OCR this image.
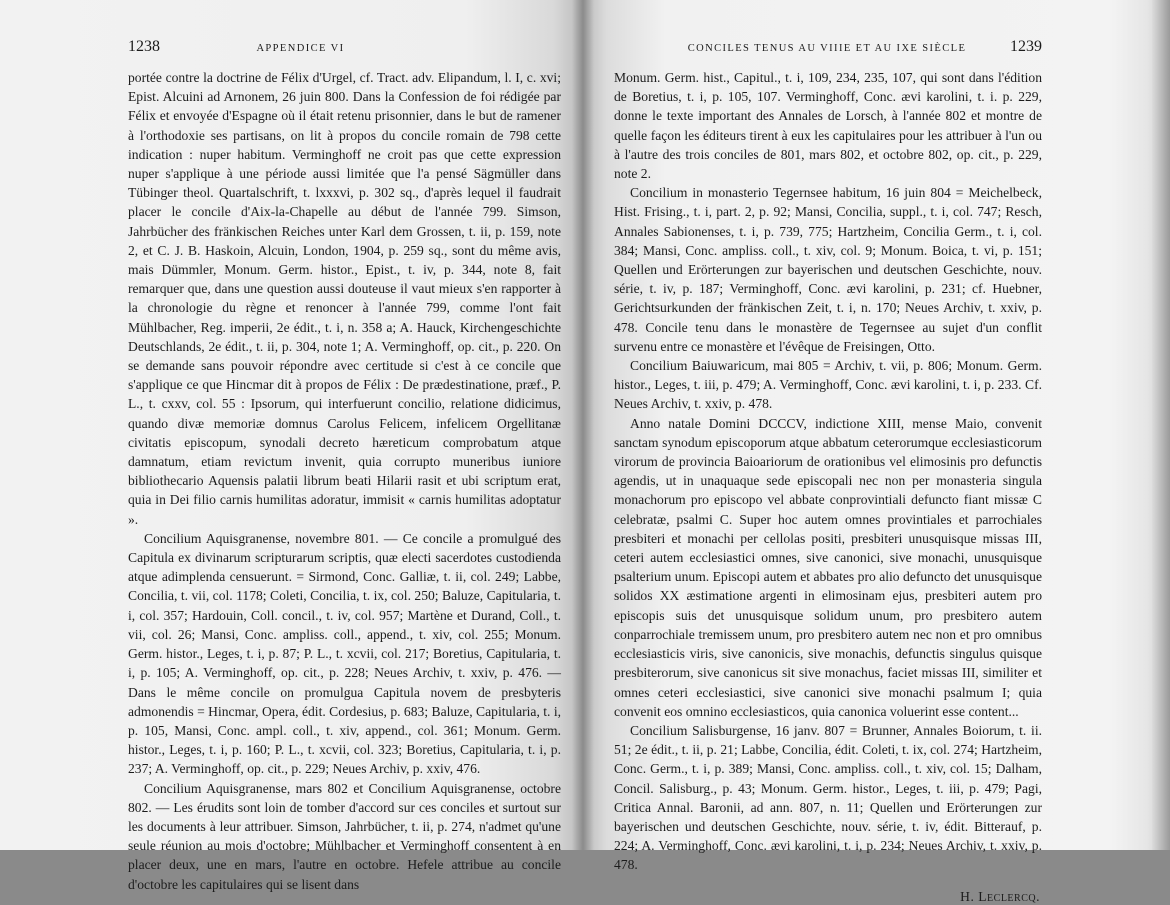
1238	APPENDICE VI

portée contre la doctrine de Félix d'Urgel, cf. Tract. adv. Elipandum, l. I, c. xvi; Epist. Alcuini ad Arnonem, 26 juin 800. Dans la Confession de foi rédigée par Félix et envoyée d'Espagne où il était retenu prisonnier, dans le but de ramener à l'orthodoxie ses partisans, on lit à propos du concile romain de 798 cette indication : nuper habitum. Verminghoff ne croit pas que cette expression nuper s'applique à une période aussi limitée que l'a pensé Sägmüller dans Tübinger theol. Quartalschrift, t. lxxxvi, p. 302 sq., d'après lequel il faudrait placer le concile d'Aix-la-Chapelle au début de l'année 799. Simson, Jahrbücher des fränkischen Reiches unter Karl dem Grossen, t. ii, p. 159, note 2, et C. J. B. Haskoin, Alcuin, London, 1904, p. 259 sq., sont du même avis, mais Dümmler, Monum. Germ. histor., Epist., t. iv, p. 344, note 8, fait remarquer que, dans une question aussi douteuse il vaut mieux s'en rapporter à la chronologie du règne et renoncer à l'année 799, comme l'ont fait Mühlbacher, Reg. imperii, 2e édit., t. i, n. 358 a; A. Hauck, Kirchengeschichte Deutschlands, 2e édit., t. ii, p. 304, note 1; A. Verminghoff, op. cit., p. 220. On se demande sans pouvoir répondre avec certitude si c'est à ce concile que s'applique ce que Hincmar dit à propos de Félix : De prædestinatione, præf., P. L., t. cxxv, col. 55 : Ipsorum, qui interfuerunt concilio, relatione didicimus, quando divæ memoriæ domnus Carolus Felicem, infelicem Orgellitanæ civitatis episcopum, synodali decreto hæreticum comprobatum atque damnatum, etiam revictum invenit, quia corrupto muneribus iuniore bibliothecario Aquensis palatii librum beati Hilarii rasit et ubi scriptum erat, quia in Dei filio carnis humilitas adoratur, immisit « carnis humilitas adoptatur ».

Concilium Aquisgranense, novembre 801. — Ce concile a promulgué des Capitula ex divinarum scripturarum scriptis, quæ electi sacerdotes custodienda atque adimplenda censuerunt. = Sirmond, Conc. Galliæ, t. ii, col. 249; Labbe, Concilia, t. vii, col. 1178; Coleti, Concilia, t. ix, col. 250; Baluze, Capitularia, t. i, col. 357; Hardouin, Coll. concil., t. iv, col. 957; Martène et Durand, Coll., t. vii, col. 26; Mansi, Conc. ampliss. coll., append., t. xiv, col. 255; Monum. Germ. histor., Leges, t. i, p. 87; P. L., t. xcvii, col. 217; Boretius, Capitularia, t. i, p. 105; A. Verminghoff, op. cit., p. 228; Neues Archiv, t. xxiv, p. 476. — Dans le même concile on promulgua Capitula novem de presbyteris admonendis = Hincmar, Opera, édit. Cordesius, p. 683; Baluze, Capitularia, t. i, p. 105, Mansi, Conc. ampl. coll., t. xiv, append., col. 361; Monum. Germ. histor., Leges, t. i, p. 160; P. L., t. xcvii, col. 323; Boretius, Capitularia, t. i, p. 237; A. Verminghoff, op. cit., p. 229; Neues Archiv, p. xxiv, 476.

Concilium Aquisgranense, mars 802 et Concilium Aquisgranense, octobre 802. — Les érudits sont loin de tomber d'accord sur ces conciles et surtout sur les documents à leur attribuer. Simson, Jahrbücher, t. ii, p. 274, n'admet qu'une seule réunion au mois d'octobre; Mühlbacher et Verminghoff consentent à en placer deux, une en mars, l'autre en octobre. Hefele attribue au concile d'octobre les capitulaires qui se lisent dans

CONCILES TENUS AU VIIIE ET AU IXE SIÈCLE	1239

Monum. Germ. hist., Capitul., t. i, 109, 234, 235, 107, qui sont dans l'édition de Boretius, t. i, p. 105, 107. Verminghoff, Conc. ævi karolini, t. i. p. 229, donne le texte important des Annales de Lorsch, à l'année 802 et montre de quelle façon les éditeurs tirent à eux les capitulaires pour les attribuer à l'un ou à l'autre des trois conciles de 801, mars 802, et octobre 802, op. cit., p. 229, note 2.

Concilium in monasterio Tegernsee habitum, 16 juin 804 = Meichelbeck, Hist. Frising., t. i, part. 2, p. 92; Mansi, Concilia, suppl., t. i, col. 747; Resch, Annales Sabionenses, t. i, p. 739, 775; Hartzheim, Concilia Germ., t. i, col. 384; Mansi, Conc. ampliss. coll., t. xiv, col. 9; Monum. Boica, t. vi, p. 151; Quellen und Erörterungen zur bayerischen und deutschen Geschichte, nouv. série, t. iv, p. 187; Verminghoff, Conc. ævi karolini, p. 231; cf. Huebner, Gerichtsurkunden der fränkischen Zeit, t. i, n. 170; Neues Archiv, t. xxiv, p. 478. Concile tenu dans le monastère de Tegernsee au sujet d'un conflit survenu entre ce monastère et l'évêque de Freisingen, Otto.

Concilium Baiuwaricum, mai 805 = Archiv, t. vii, p. 806; Monum. Germ. histor., Leges, t. iii, p. 479; A. Verminghoff, Conc. ævi karolini, t. i, p. 233. Cf. Neues Archiv, t. xxiv, p. 478.

Anno natale Domini DCCCV, indictione XIII, mense Maio, convenit sanctam synodum episcoporum atque abbatum ceterorumque ecclesiasticorum virorum de provincia Baioariorum de orationibus vel elimosinis pro defunctis agendis, ut in unaquaque sede episcopali nec non per monasteria singula monachorum pro episcopo vel abbate conprovintiali defuncto fiant missæ C celebratæ, psalmi C. Super hoc autem omnes provintiales et parrochiales presbiteri et monachi per cellolas positi, presbiteri unusquisque missas III, ceteri autem ecclesiastici omnes, sive canonici, sive monachi, unusquisque psalterium unum. Episcopi autem et abbates pro alio defuncto det unusquisque solidos XX æstimatione argenti in elimosinam ejus, presbiteri autem pro episcopis suis det unusquisque solidum unum, pro presbitero autem conparrochiale tremissem unum, pro presbitero autem nec non et pro omnibus ecclesiasticis viris, sive canonicis, sive monachis, defunctis singulus quisque presbiterorum, sive canonicus sit sive monachus, faciet missas III, similiter et omnes ceteri ecclesiastici, sive canonici sive monachi psalmum I; quia convenit eos omnino ecclesiasticos, quia canonica voluerint esse content...

Concilium Salisburgense, 16 janv. 807 = Brunner, Annales Boiorum, t. ii. 51; 2e édit., t. ii, p. 21; Labbe, Concilia, édit. Coleti, t. ix, col. 274; Hartzheim, Conc. Germ., t. i, p. 389; Mansi, Conc. ampliss. coll., t. xiv, col. 15; Dalham, Concil. Salisburg., p. 43; Monum. Germ. histor., Leges, t. iii, p. 479; Pagi, Critica Annal. Baronii, ad ann. 807, n. 11; Quellen und Erörterungen zur bayerischen und deutschen Geschichte, nouv. série, t. iv, édit. Bitterauf, p. 224; A. Verminghoff, Conc. ævi karolini, t. i, p. 234; Neues Archiv, t. xxiv, p. 478.

H. Leclercq.
